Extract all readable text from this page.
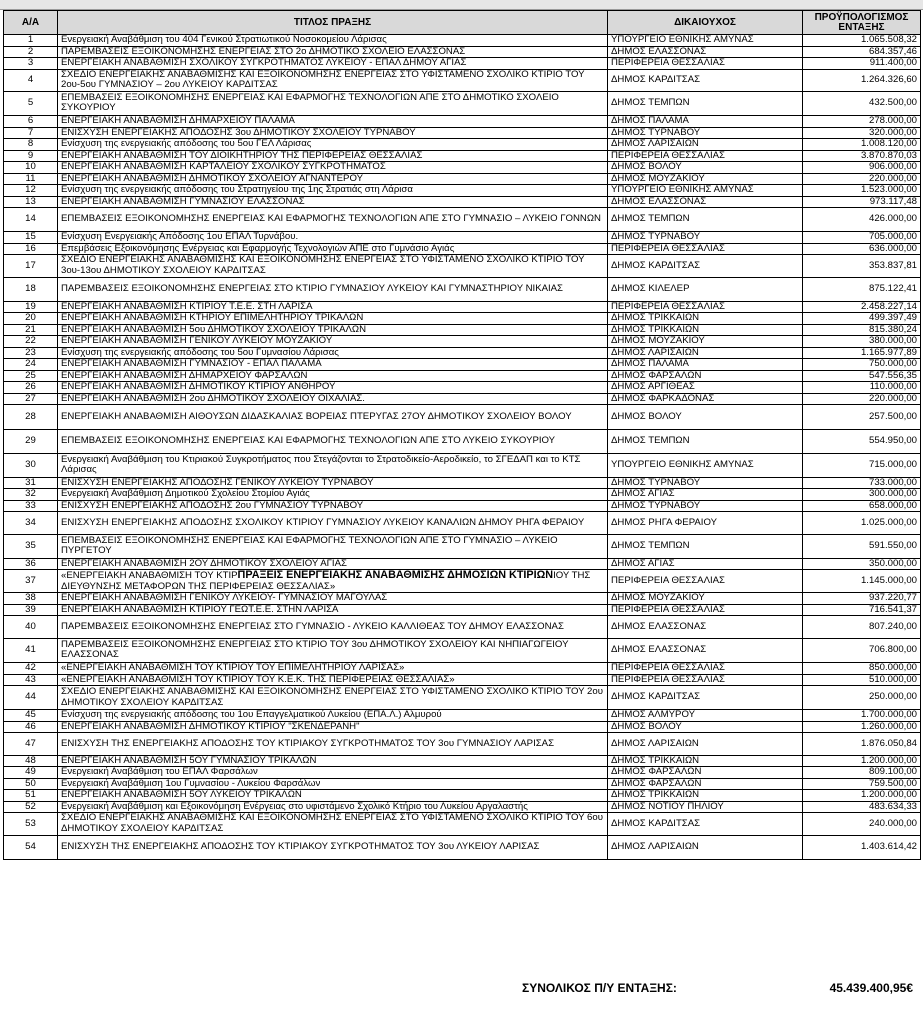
Α/Α	ΤΙΤΛΟΣ ΠΡΑΞΗΣ	ΔΙΚΑΙΟΥΧΟΣ	ΠΡΟΫΠΟΛΟΓΙΣΜΟΣ ΕΝΤΑΞΗΣ
1	Ενεργειακή Αναβάθμιση του 404 Γενικού Στρατιωτικού Νοσοκομείου Λάρισας	ΥΠΟΥΡΓΕΙΟ ΕΘΝΙΚΗΣ ΑΜΥΝΑΣ	1.065.508,32
2	ΠΑΡΕΜΒΑΣΕΙΣ ΕΞΟΙΚΟΝΟΜΗΣΗΣ ΕΝΕΡΓΕΙΑΣ ΣΤΟ 2ο ΔΗΜΟΤΙΚΟ ΣΧΟΛΕΙΟ ΕΛΑΣΣΟΝΑΣ	ΔΗΜΟΣ ΕΛΑΣΣΟΝΑΣ	684.357,46
3	ΕΝΕΡΓΕΙΑΚΗ ΑΝΑΒΑΘΜΙΣΗ ΣΧΟΛΙΚΟΥ ΣΥΓΚΡΟΤΗΜΑΤΟΣ ΛΥΚΕΙΟΥ - ΕΠΑΛ ΔΗΜΟΥ ΑΓΙΑΣ	ΠΕΡΙΦΕΡΕΙΑ ΘΕΣΣΑΛΙΑΣ	911.400,00
4	ΣΧΕΔΙΟ ΕΝΕΡΓΕΙΑΚΗΣ ΑΝΑΒΑΘΜΙΣΗΣ ΚΑΙ ΕΞΟΙΚΟΝΟΜΗΣΗΣ ΕΝΕΡΓΕΙΑΣ ΣΤΟ ΥΦΙΣΤΑΜΕΝΟ ΣΧΟΛΙΚΟ ΚΤΙΡΙΟ ΤΟΥ 2ου-5ου ΓΥΜΝΑΣΙΟΥ – 2ου ΛΥΚΕΙΟΥ ΚΑΡΔΙΤΣΑΣ	ΔΗΜΟΣ ΚΑΡΔΙΤΣΑΣ	1.264.326,60
5	ΕΠΕΜΒΑΣΕΙΣ ΕΞΟΙΚΟΝΟΜΗΣΗΣ ΕΝΕΡΓΕΙΑΣ ΚΑΙ ΕΦΑΡΜΟΓΗΣ ΤΕΧΝΟΛΟΓΙΩΝ ΑΠΕ ΣΤΟ ΔΗΜΟΤΙΚΟ ΣΧΟΛΕΙΟ ΣΥΚΟΥΡΙΟΥ	ΔΗΜΟΣ ΤΕΜΠΩΝ	432.500,00
6	ΕΝΕΡΓΕΙΑΚΗ ΑΝΑΒΑΘΜΙΣΗ ΔΗΜΑΡΧΕΙΟΥ ΠΑΛΑΜΑ	ΔΗΜΟΣ ΠΑΛΑΜΑ	278.000,00
7	ΕΝΙΣΧΥΣΗ ΕΝΕΡΓΕΙΑΚΗΣ ΑΠΟΔΟΣΗΣ 3ου ΔΗΜΟΤΙΚΟΥ ΣΧΟΛΕΙΟΥ ΤΥΡΝΑΒΟΥ	ΔΗΜΟΣ ΤΥΡΝΑΒΟΥ	320.000,00
8	Ενίσχυση της ενεργειακής απόδοσης του 5ου ΓΕΛ Λάρισας	ΔΗΜΟΣ ΛΑΡΙΣΑΙΩΝ	1.008.120,00
9	ΕΝΕΡΓΕΙΑΚΗ ΑΝΑΒΑΘΜΙΣΗ ΤΟΥ ΔΙΟΙΚΗΤΗΡΙΟΥ ΤΗΣ ΠΕΡΙΦΕΡΕΙΑΣ ΘΕΣΣΑΛΙΑΣ	ΠΕΡΙΦΕΡΕΙΑ ΘΕΣΣΑΛΙΑΣ	3.870.870,03
10	ΕΝΕΡΓΕΙΑΚΗ ΑΝΑΒΑΘΜΙΣΗ ΚΑΡΤΑΛΕΙΟΥ ΣΧΟΛΙΚΟΥ ΣΥΓΚΡΟΤΗΜΑΤΟΣ	ΔΗΜΟΣ ΒΟΛΟΥ	906.000,00
11	ΕΝΕΡΓΕΙΑΚΗ ΑΝΑΒΑΘΜΙΣΗ ΔΗΜΟΤΙΚΟΥ ΣΧΟΛΕΙΟΥ ΑΓΝΑΝΤΕΡΟΥ	ΔΗΜΟΣ ΜΟΥΖΑΚΙΟΥ	220.000,00
12	Ενίσχυση της ενεργειακής απόδοσης του Στρατηγείου της 1ης Στρατιάς στη Λάρισα	ΥΠΟΥΡΓΕΙΟ ΕΘΝΙΚΗΣ ΑΜΥΝΑΣ	1.523.000,00
13	ΕΝΕΡΓΕΙΑΚΗ ΑΝΑΒΑΘΜΙΣΗ ΓΥΜΝΑΣΙΟΥ ΕΛΑΣΣΟΝΑΣ	ΔΗΜΟΣ ΕΛΑΣΣΟΝΑΣ	973.117,48
14	ΕΠΕΜΒΑΣΕΙΣ ΕΞΟΙΚΟΝΟΜΗΣΗΣ ΕΝΕΡΓΕΙΑΣ ΚΑΙ ΕΦΑΡΜΟΓΗΣ ΤΕΧΝΟΛΟΓΙΩΝ ΑΠΕ ΣΤΟ ΓΥΜΝΑΣΙΟ – ΛΥΚΕΙΟ ΓΟΝΝΩΝ	ΔΗΜΟΣ ΤΕΜΠΩΝ	426.000,00
15	Ενίσχυση Ενεργειακής Απόδοσης 1ου ΕΠΑΛ Τυρνάβου.	ΔΗΜΟΣ ΤΥΡΝΑΒΟΥ	705.000,00
16	Επεμβάσεις Εξοικονόμησης Ενέργειας και Εφαρμογής Τεχνολογιών ΑΠΕ στο Γυμνάσιο Αγιάς	ΠΕΡΙΦΕΡΕΙΑ ΘΕΣΣΑΛΙΑΣ	636.000,00
17	ΣΧΕΔΙΟ ΕΝΕΡΓΕΙΑΚΗΣ ΑΝΑΒΑΘΜΙΣΗΣ ΚΑΙ ΕΞΟΙΚΟΝΟΜΗΣΗΣ ΕΝΕΡΓΕΙΑΣ ΣΤΟ ΥΦΙΣΤΑΜΕΝΟ ΣΧΟΛΙΚΟ ΚΤΙΡΙΟ ΤΟΥ 3ου-13ου ΔΗΜΟΤΙΚΟΥ ΣΧΟΛΕΙΟΥ ΚΑΡΔΙΤΣΑΣ	ΔΗΜΟΣ ΚΑΡΔΙΤΣΑΣ	353.837,81
18	ΠΑΡΕΜΒΑΣΕΙΣ ΕΞΟΙΚΟΝΟΜΗΣΗΣ ΕΝΕΡΓΕΙΑΣ ΣΤΟ ΚΤΙΡΙΟ ΓΥΜΝΑΣΙΟΥ ΛΥΚΕΙΟΥ ΚΑΙ ΓΥΜΝΑΣΤΗΡΙΟΥ ΝΙΚΑΙΑΣ	ΔΗΜΟΣ ΚΙΛΕΛΕΡ	875.122,41
19	ΕΝΕΡΓΕΙΑΚΗ ΑΝΑΒΑΘΜΙΣΗ ΚΤΙΡΙΟΥ Τ.Ε.Ε. ΣΤΗ ΛΑΡΙΣΑ	ΠΕΡΙΦΕΡΕΙΑ ΘΕΣΣΑΛΙΑΣ	2.458.227,14
20	ΕΝΕΡΓΕΙΑΚΗ ΑΝΑΒΑΘΜΙΣΗ ΚΤΗΡΙΟΥ ΕΠΙΜΕΛΗΤΗΡΙΟΥ ΤΡΙΚΑΛΩΝ	ΔΗΜΟΣ ΤΡΙΚΚΑΙΩΝ	499.397,49
21	ΕΝΕΡΓΕΙΑΚΗ ΑΝΑΒΑΘΜΙΣΗ 5ου ΔΗΜΟΤΙΚΟΥ ΣΧΟΛΕΙΟΥ ΤΡΙΚΑΛΩΝ	ΔΗΜΟΣ ΤΡΙΚΚΑΙΩΝ	815.380,24
22	ΕΝΕΡΓΕΙΑΚΗ ΑΝΑΒΑΘΜΙΣΗ ΓΕΝΙΚΟΥ ΛΥΚΕΙΟΥ ΜΟΥΖΑΚΙΟΥ	ΔΗΜΟΣ ΜΟΥΖΑΚΙΟΥ	380.000,00
23	Ενίσχυση της ενεργειακής απόδοσης του 5ου Γυμνασίου Λάρισας	ΔΗΜΟΣ ΛΑΡΙΣΑΙΩΝ	1.165.977,89
24	ΕΝΕΡΓΕΙΑΚΗ ΑΝΑΒΑΘΜΙΣΗ ΓΥΜΝΑΣΙΟΥ - ΕΠΑΛ ΠΑΛΑΜΑ	ΔΗΜΟΣ ΠΑΛΑΜΑ	750.000,00
25	ΕΝΕΡΓΕΙΑΚΗ ΑΝΑΒΑΘΜΙΣΗ ΔΗΜΑΡΧΕΙΟΥ ΦΑΡΣΑΛΩΝ	ΔΗΜΟΣ ΦΑΡΣΑΛΩΝ	547.556,35
26	ΕΝΕΡΓΕΙΑΚΗ ΑΝΑΒΑΘΜΙΣΗ ΔΗΜΟΤΙΚΟΥ ΚΤΙΡΙΟΥ ΑΝΘΗΡΟΥ	ΔΗΜΟΣ ΑΡΓΙΘΕΑΣ	110.000,00
27	ΕΝΕΡΓΕΙΑΚΗ ΑΝΑΒΑΘΜΙΣΗ 2ου ΔΗΜΟΤΙΚΟΥ ΣΧΟΛΕΙΟΥ ΟΙΧΑΛΙΑΣ.	ΔΗΜΟΣ ΦΑΡΚΑΔΟΝΑΣ	220.000,00
28	ΕΝΕΡΓΕΙΑΚΗ ΑΝΑΒΑΘΜΙΣΗ ΑΙΘΟΥΣΩΝ ΔΙΔΑΣΚΑΛΙΑΣ ΒΟΡΕΙΑΣ ΠΤΕΡΥΓΑΣ 27ΟΥ ΔΗΜΟΤΙΚΟΥ ΣΧΟΛΕΙΟΥ ΒΟΛΟΥ	ΔΗΜΟΣ ΒΟΛΟΥ	257.500,00
29	ΕΠΕΜΒΑΣΕΙΣ ΕΞΟΙΚΟΝΟΜΗΣΗΣ ΕΝΕΡΓΕΙΑΣ ΚΑΙ ΕΦΑΡΜΟΓΗΣ ΤΕΧΝΟΛΟΓΙΩΝ ΑΠΕ ΣΤΟ ΛΥΚΕΙΟ ΣΥΚΟΥΡΙΟΥ	ΔΗΜΟΣ ΤΕΜΠΩΝ	554.950,00
30	Ενεργειακή Αναβάθμιση του Κτιριακού Συγκροτήματος που Στεγάζονται το Στρατοδικείο-Αεροδικείο, το ΣΓΕΔΑΠ και το ΚΤΣ Λάρισας	ΥΠΟΥΡΓΕΙΟ ΕΘΝΙΚΗΣ ΑΜΥΝΑΣ	715.000,00
31	ΕΝΙΣΧΥΣΗ ΕΝΕΡΓΕΙΑΚΗΣ ΑΠΟΔΟΣΗΣ ΓΕΝΙΚΟΥ ΛΥΚΕΙΟΥ ΤΥΡΝΑΒΟΥ	ΔΗΜΟΣ ΤΥΡΝΑΒΟΥ	733.000,00
32	Ενεργειακή Αναβάθμιση Δημοτικού Σχολείου Στομίου Αγιάς	ΔΗΜΟΣ ΑΓΙΑΣ	300.000,00
33	ΕΝΙΣΧΥΣΗ ΕΝΕΡΓΕΙΑΚΗΣ ΑΠΟΔΟΣΗΣ 2ου ΓΥΜΝΑΣΙΟΥ ΤΥΡΝΑΒΟΥ	ΔΗΜΟΣ ΤΥΡΝΑΒΟΥ	658.000,00
34	ΕΝΙΣΧΥΣΗ ΕΝΕΡΓΕΙΑΚΗΣ ΑΠΟΔΟΣΗΣ ΣΧΟΛΙΚΟΥ ΚΤΙΡΙΟΥ ΓΥΜΝΑΣΙΟΥ ΛΥΚΕΙΟΥ ΚΑΝΑΛΙΩΝ ΔΗΜΟΥ ΡΗΓΑ ΦΕΡΑΙΟΥ	ΔΗΜΟΣ ΡΗΓΑ ΦΕΡΑΙΟΥ	1.025.000,00
35	ΕΠΕΜΒΑΣΕΙΣ ΕΞΟΙΚΟΝΟΜΗΣΗΣ ΕΝΕΡΓΕΙΑΣ ΚΑΙ ΕΦΑΡΜΟΓΗΣ ΤΕΧΝΟΛΟΓΙΩΝ ΑΠΕ ΣΤΟ ΓΥΜΝΑΣΙΟ – ΛΥΚΕΙΟ ΠΥΡΓΕΤΟΥ	ΔΗΜΟΣ ΤΕΜΠΩΝ	591.550,00
36	ΕΝΕΡΓΕΙΑΚΗ ΑΝΑΒΑΘΜΙΣΗ 2ΟΥ ΔΗΜΟΤΙΚΟΥ ΣΧΟΛΕΙΟΥ ΑΓΙΑΣ	ΔΗΜΟΣ ΑΓΙΑΣ	350.000,00
37	«ΕΝΕΡΓΕΙΑΚΗ ΑΝΑΒΑΘΜΙΣΗ ΤΟΥ ΚΤΙΡΠΡΑΞΕΙΣ ΕΝΕΡΓΕΙΑΚΗΣ ΑΝΑΒΑΘΜΙΣΗΣ ΔΗΜΟΣΙΩΝ ΚΤΙΡΙΩΝΙΟΥ ΤΗΣ ΔΙΕΥΘΥΝΣΗΣ ΜΕΤΑΦΟΡΩΝ ΤΗΣ ΠΕΡΙΦΕΡΕΙΑΣ ΘΕΣΣΑΛΙΑΣ»	ΠΕΡΙΦΕΡΕΙΑ ΘΕΣΣΑΛΙΑΣ	1.145.000,00
38	ΕΝΕΡΓΕΙΑΚΗ ΑΝΑΒΑΘΜΙΣΗ ΓΕΝΙΚΟΥ ΛΥΚΕΙΟΥ- ΓΥΜΝΑΣΙΟΥ ΜΑΓΟΥΛΑΣ	ΔΗΜΟΣ ΜΟΥΖΑΚΙΟΥ	937.220,77
39	ΕΝΕΡΓΕΙΑΚΗ ΑΝΑΒΑΘΜΙΣΗ ΚΤΙΡΙΟΥ ΓΕΩΤ.Ε.Ε. ΣΤΗΝ ΛΑΡΙΣΑ	ΠΕΡΙΦΕΡΕΙΑ ΘΕΣΣΑΛΙΑΣ	716.541,37
40	ΠΑΡΕΜΒΑΣΕΙΣ ΕΞΟΙΚΟΝΟΜΗΣΗΣ ΕΝΕΡΓΕΙΑΣ ΣΤΟ ΓΥΜΝΑΣΙΟ - ΛΥΚΕΙΟ ΚΑΛΛΙΘΕΑΣ ΤΟΥ ΔΗΜΟΥ ΕΛΑΣΣΟΝΑΣ	ΔΗΜΟΣ ΕΛΑΣΣΟΝΑΣ	807.240,00
41	ΠΑΡΕΜΒΑΣΕΙΣ ΕΞΟΙΚΟΝΟΜΗΣΗΣ ΕΝΕΡΓΕΙΑΣ ΣΤΟ ΚΤΙΡΙΟ ΤΟΥ 3ου ΔΗΜΟΤΙΚΟΥ ΣΧΟΛΕΙΟΥ ΚΑΙ ΝΗΠΙΑΓΩΓΕΙΟΥ ΕΛΑΣΣΟΝΑΣ	ΔΗΜΟΣ ΕΛΑΣΣΟΝΑΣ	706.800,00
42	«ΕΝΕΡΓΕΙΑΚΗ ΑΝΑΒΑΘΜΙΣΗ ΤΟΥ ΚΤΙΡΙΟΥ ΤΟΥ ΕΠΙΜΕΛΗΤΗΡΙΟΥ ΛΑΡΙΣΑΣ»	ΠΕΡΙΦΕΡΕΙΑ ΘΕΣΣΑΛΙΑΣ	850.000,00
43	«ΕΝΕΡΓΕΙΑΚΗ ΑΝΑΒΑΘΜΙΣΗ ΤΟΥ ΚΤΙΡΙΟΥ ΤΟΥ Κ.Ε.Κ. ΤΗΣ ΠΕΡΙΦΕΡΕΙΑΣ ΘΕΣΣΑΛΙΑΣ»	ΠΕΡΙΦΕΡΕΙΑ ΘΕΣΣΑΛΙΑΣ	510.000,00
44	ΣΧΕΔΙΟ ΕΝΕΡΓΕΙΑΚΗΣ ΑΝΑΒΑΘΜΙΣΗΣ ΚΑΙ ΕΞΟΙΚΟΝΟΜΗΣΗΣ ΕΝΕΡΓΕΙΑΣ ΣΤΟ ΥΦΙΣΤΑΜΕΝΟ ΣΧΟΛΙΚΟ ΚΤΙΡΙΟ ΤΟΥ 2ου ΔΗΜΟΤΙΚΟΥ ΣΧΟΛΕΙΟΥ ΚΑΡΔΙΤΣΑΣ	ΔΗΜΟΣ ΚΑΡΔΙΤΣΑΣ	250.000,00
45	Ενίσχυση της ενεργειακής απόδοσης του 1ου Επαγγελματικού Λυκείου (ΕΠΑ.Λ.) Αλμυρού	ΔΗΜΟΣ ΑΛΜΥΡΟΥ	1.700.000,00
46	ΕΝΕΡΓΕΙΑΚΗ ΑΝΑΒΑΘΜΙΣΗ ΔΗΜΟΤΙΚΟΥ ΚΤΙΡΙΟΥ "ΣΚΕΝΔΕΡΑΝΗ"	ΔΗΜΟΣ ΒΟΛΟΥ	1.260.000,00
47	ΕΝΙΣΧΥΣΗ ΤΗΣ ΕΝΕΡΓΕΙΑΚΗΣ ΑΠΟΔΟΣΗΣ ΤΟΥ ΚΤΙΡΙΑΚΟΥ ΣΥΓΚΡΟΤΗΜΑΤΟΣ ΤΟΥ 3ου ΓΥΜΝΑΣΙΟΥ ΛΑΡΙΣΑΣ	ΔΗΜΟΣ ΛΑΡΙΣΑΙΩΝ	1.876.050,84
48	ΕΝΕΡΓΕΙΑΚΗ ΑΝΑΒΑΘΜΙΣΗ 5ΟΥ ΓΥΜΝΑΣΙΟΥ ΤΡΙΚΑΛΩΝ	ΔΗΜΟΣ ΤΡΙΚΚΑΙΩΝ	1.200.000,00
49	Ενεργειακή Αναβάθμιση του ΕΠΑΛ Φαρσάλων	ΔΗΜΟΣ ΦΑΡΣΑΛΩΝ	809.100,00
50	Ενεργειακή Αναβάθμιση 1ου Γυμνασίου - Λυκείου Φαρσάλων	ΔΗΜΟΣ ΦΑΡΣΑΛΩΝ	759.500,00
51	ΕΝΕΡΓΕΙΑΚΗ ΑΝΑΒΑΘΜΙΣΗ 5ΟΥ ΛΥΚΕΙΟΥ ΤΡΙΚΑΛΩΝ	ΔΗΜΟΣ ΤΡΙΚΚΑΙΩΝ	1.200.000,00
52	Ενεργειακή Αναβάθμιση και Εξοικονόμηση Ενέργειας στο υφιστάμενο Σχολικό Κτήριο του Λυκείου Αργαλαστής	ΔΗΜΟΣ ΝΟΤΙΟΥ ΠΗΛΙΟΥ	483.634,33
53	ΣΧΕΔΙΟ ΕΝΕΡΓΕΙΑΚΗΣ ΑΝΑΒΑΘΜΙΣΗΣ ΚΑΙ ΕΞΟΙΚΟΝΟΜΗΣΗΣ ΕΝΕΡΓΕΙΑΣ ΣΤΟ ΥΦΙΣΤΑΜΕΝΟ ΣΧΟΛΙΚΟ ΚΤΙΡΙΟ ΤΟΥ 6ου ΔΗΜΟΤΙΚΟΥ ΣΧΟΛΕΙΟΥ ΚΑΡΔΙΤΣΑΣ	ΔΗΜΟΣ ΚΑΡΔΙΤΣΑΣ	240.000,00
54	ΕΝΙΣΧΥΣΗ ΤΗΣ ΕΝΕΡΓΕΙΑΚΗΣ ΑΠΟΔΟΣΗΣ ΤΟΥ ΚΤΙΡΙΑΚΟΥ ΣΥΓΚΡΟΤΗΜΑΤΟΣ ΤΟΥ 3ου ΛΥΚΕΙΟΥ ΛΑΡΙΣΑΣ	ΔΗΜΟΣ ΛΑΡΙΣΑΙΩΝ	1.403.614,42
ΣΥΝΟΛΙΚΟΣ Π/Υ ΕΝΤΑΞΗΣ:	45.439.400,95€
